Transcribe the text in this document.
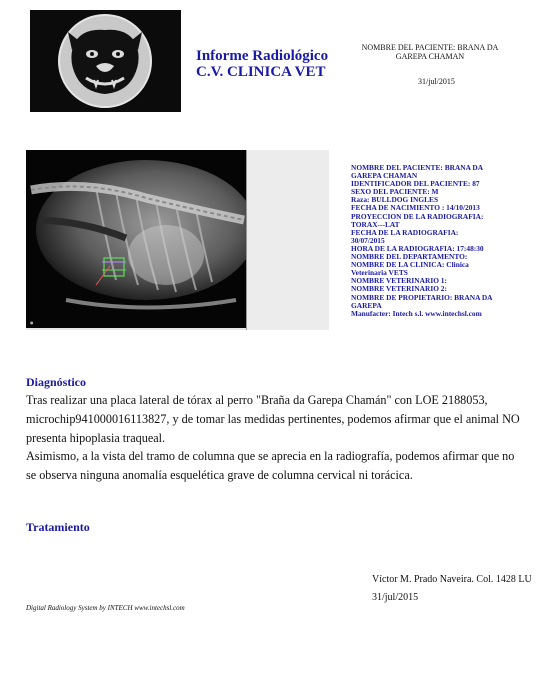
Informe Radiológico
C.V. CLINICA VET
NOMBRE DEL PACIENTE: BRANA DA GAREPA CHAMAN
31/jul/2015
●
NOMBRE DEL PACIENTE: BRANA DA
GAREPA CHAMAN
IDENTIFICADOR DEL PACIENTE: 87
SEXO DEL PACIENTE: M
Raza: BULLDOG INGLES
FECHA DE NACIMIENTO : 14/10/2013
PROYECCION DE LA RADIOGRAFIA:
TORAX---LAT
FECHA DE LA RADIOGRAFIA:
30/07/2015
HORA DE LA RADIOGRAFIA: 17:48:30
NOMBRE DEL DEPARTAMENTO:
NOMBRE DE LA CLINICA: Clinica
Veterinaria VETS
NOMBRE VETERINARIO 1:
NOMBRE VETERINARIO 2:
NOMBRE DE PROPIETARIO: BRANA DA
GAREPA
Manufacter: Intech s.l. www.intechsl.com
Diagnóstico
Tras realizar una placa lateral de tórax al perro "Braña da Garepa Chamán" con LOE 2188053, microchip941000016113827, y de tomar las medidas pertinentes, podemos afirmar que el animal NO presenta hipoplasia traqueal.
Asimismo, a la vista del tramo de columna que se aprecia en la radiografía, podemos afirmar que no se observa ninguna anomalía esquelética grave de columna cervical ni torácica.
Tratamiento
Víctor M. Prado Naveira. Col. 1428 LU
31/jul/2015
Digital Radiology System by INTECH www.intechsl.com
